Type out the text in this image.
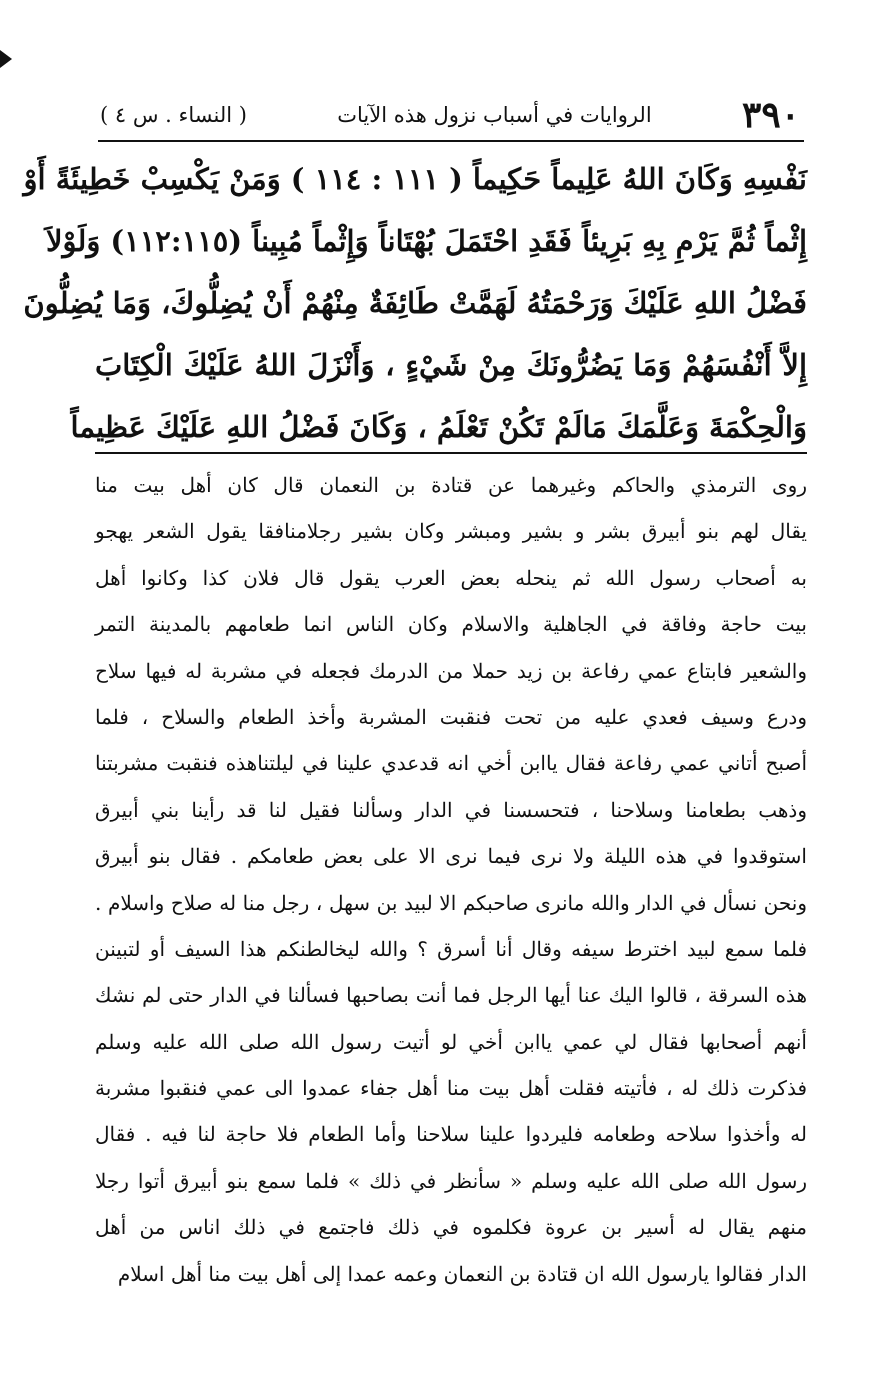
٣٩٠
الروايات في أسباب نزول هذه الآيات
( النساء . س ٤ )
نَفْسِهِ وَكَانَ اللهُ عَلِيماً حَكِيماً ( ١١١ : ١١٤ ) وَمَنْ يَكْسِبْ خَطِيئَةً أَوْ
إِثْماً ثُمَّ يَرْمِ بِهِ بَرِيئاً فَقَدِ احْتَمَلَ بُهْتَاناً وَإِثْماً مُبِيناً (١١٢:١١٥) وَلَوْلاَ
فَضْلُ اللهِ عَلَيْكَ وَرَحْمَتُهُ لَهَمَّتْ طَائِفَةٌ مِنْهُمْ أَنْ يُضِلُّوكَ، وَمَا يُضِلُّونَ
إِلاَّ أَنْفُسَهُمْ وَمَا يَضُرُّونَكَ مِنْ شَيْءٍ ، وَأَنْزَلَ اللهُ عَلَيْكَ الْكِتَابَ
وَالْحِكْمَةَ وَعَلَّمَكَ مَالَمْ تَكُنْ تَعْلَمُ ، وَكَانَ فَضْلُ اللهِ عَلَيْكَ عَظِيماً
روى الترمذي والحاكم وغيرهما عن قتادة بن النعمان قال كان أهل بيت منا
يقال لهم بنو أبيرق بشر و بشير ومبشر وكان بشير رجلامنافقا يقول الشعر يهجو
به أصحاب رسول الله ثم ينحله بعض العرب يقول قال فلان كذا وكانوا أهل
بيت حاجة وفاقة في الجاهلية والاسلام وكان الناس انما طعامهم بالمدينة التمر
والشعير فابتاع عمي رفاعة بن زيد حملا من الدرمك فجعله في مشربة له فيها سلاح
ودرع وسيف فعدي عليه من تحت فنقبت المشربة وأخذ الطعام والسلاح ، فلما
أصبح أتاني عمي رفاعة فقال ياابن أخي انه قدعدي علينا في ليلتناهذه فنقبت مشربتنا
وذهب بطعامنا وسلاحنا ، فتحسسنا في الدار وسألنا فقيل لنا قد رأينا بني أبيرق
استوقدوا في هذه الليلة ولا نرى فيما نرى الا على بعض طعامكم . فقال بنو أبيرق
ونحن نسأل في الدار والله مانرى صاحبكم الا لبيد بن سهل ، رجل منا له صلاح واسلام .
فلما سمع لبيد اخترط سيفه وقال أنا أسرق ؟ والله ليخالطنكم هذا السيف أو لتبينن
هذه السرقة ، قالوا اليك عنا أيها الرجل فما أنت بصاحبها فسألنا في الدار حتى لم نشك
أنهم أصحابها فقال لي عمي ياابن أخي لو أتيت رسول الله صلى الله عليه وسلم
فذكرت ذلك له ، فأتيته فقلت أهل بيت منا أهل جفاء عمدوا الى عمي فنقبوا مشربة
له وأخذوا سلاحه وطعامه فليردوا علينا سلاحنا وأما الطعام فلا حاجة لنا فيه . فقال
رسول الله صلى الله عليه وسلم « سأنظر في ذلك » فلما سمع بنو أبيرق أتوا رجلا
منهم يقال له أسير بن عروة فكلموه في ذلك فاجتمع في ذلك اناس من أهل
الدار فقالوا يارسول الله ان قتادة بن النعمان وعمه عمدا إلى أهل بيت منا أهل اسلام
